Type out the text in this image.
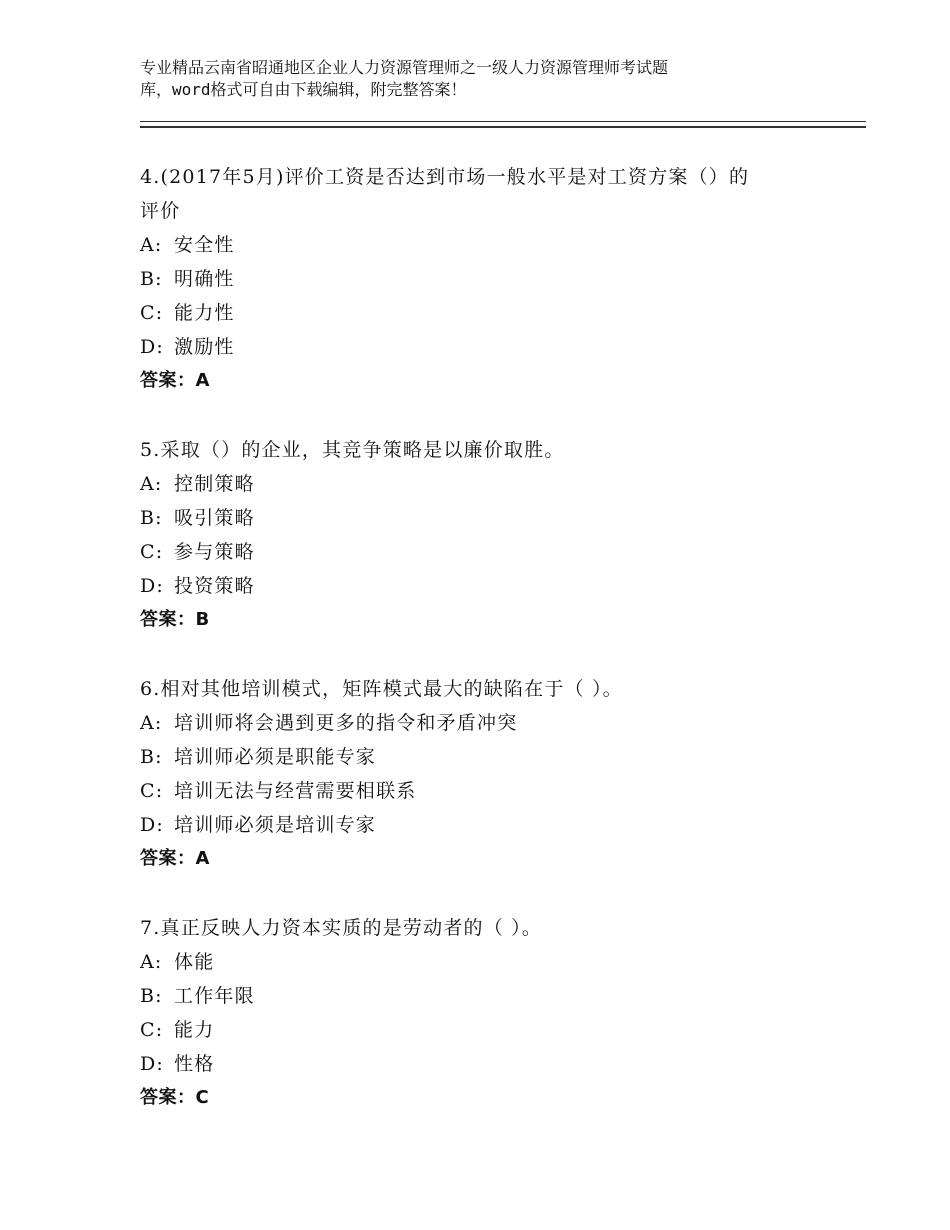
专业精品云南省昭通地区企业人力资源管理师之一级人力资源管理师考试题
库，word格式可自由下载编辑，附完整答案！
4.(2017年5月)评价工资是否达到市场一般水平是对工资方案（）的
评价
A: 安全性
B: 明确性
C: 能力性
D: 激励性
答案：A
5.采取（）的企业，其竞争策略是以廉价取胜。
A: 控制策略
B: 吸引策略
C: 参与策略
D: 投资策略
答案：B
6.相对其他培训模式，矩阵模式最大的缺陷在于（ ）。
A: 培训师将会遇到更多的指令和矛盾冲突
B: 培训师必须是职能专家
C: 培训无法与经营需要相联系
D: 培训师必须是培训专家
答案：A
7.真正反映人力资本实质的是劳动者的（ ）。
A: 体能
B: 工作年限
C: 能力
D: 性格
答案：C
